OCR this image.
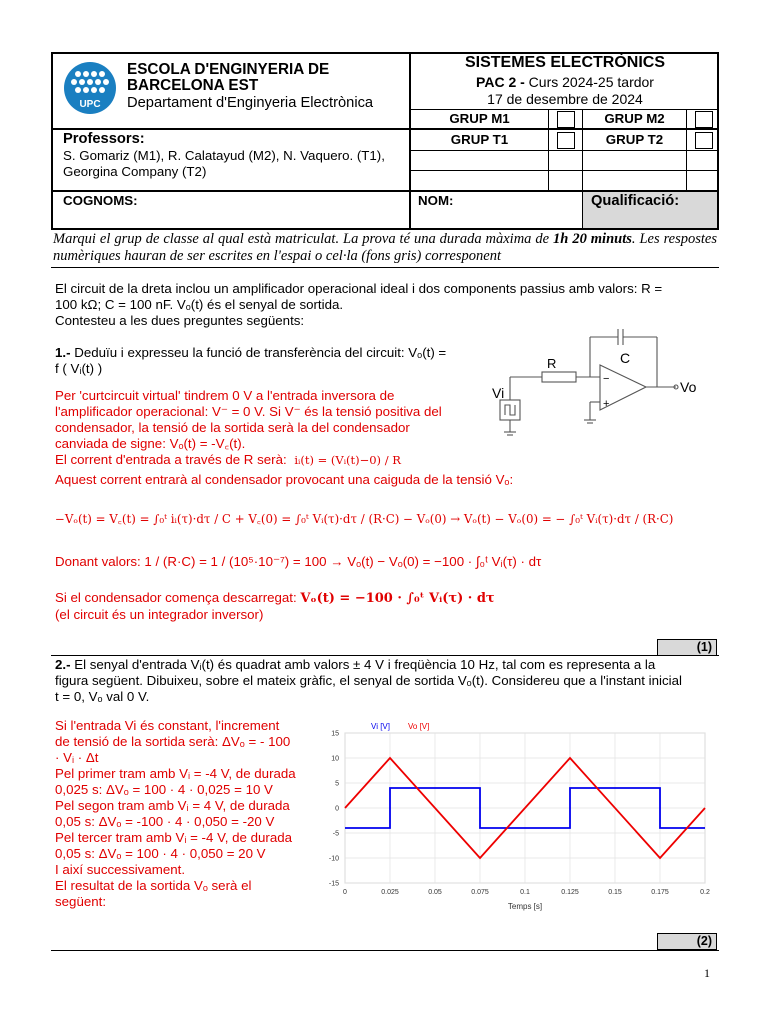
UPC
ESCOLA D'ENGINYERIA DE
BARCELONA EST
Departament d'Enginyeria Electrònica
SISTEMES ELECTRÒNICS
PAC 2 - Curs 2024-25 tardor
17 de desembre de 2024
GRUP M1	GRUP M2
GRUP T1	GRUP T2
Professors:
S. Gomariz (M1), R. Calatayud (M2), N. Vaquero. (T1),
Georgina Company (T2)
COGNOMS:	NOM:	Qualificació:
Marqui el grup de classe al qual està matriculat. La prova té una durada màxima de 1h 20 minuts. Les respostes numèriques hauran de ser escrites en l'espai o cel·la (fons gris) corresponent
El circuit de la dreta inclou un amplificador operacional ideal i dos components passius amb valors: R =
100 kΩ; C = 100 nF. Vₒ(t) és el senyal de sortida.
Contesteu a les dues preguntes següents:
C
R
Vi	Vo
−
+
1.- Deduïu i expresseu la funció de transferència del circuit: Vₒ(t) =
f ( Vᵢ(t) )
Per 'curtcircuit virtual' tindrem 0 V a l'entrada inversora de
l'amplificador operacional: V⁻ = 0 V. Si V⁻ és la tensió positiva del
condensador, la tensió de la sortida serà la del condensador
canviada de signe: Vₒ(t) = -V꜀(t).
El corrent d'entrada a través de R serà: iᵢ(t) = (Vᵢ(t)−0) / R
Aquest corrent entrarà al condensador provocant una caiguda de la tensió Vₒ:
−Vₒ(t) = V꜀(t) = ∫₀ᵗ iᵢ(τ)·dτ / C + V꜀(0) = ∫₀ᵗ Vᵢ(τ)·dτ / (R·C) − Vₒ(0) → Vₒ(t) − Vₒ(0) = − ∫₀ᵗ Vᵢ(τ)·dτ / (R·C)
Donant valors: 1 / (R·C) = 1 / (10⁵·10⁻⁷) = 100 → Vₒ(t) − Vₒ(0) = −100 · ∫₀ᵗ Vᵢ(τ) · dτ
Si el condensador comença descarregat: Vₒ(t) = −100 · ∫₀ᵗ Vᵢ(τ) · dτ
(el circuit és un integrador inversor)
(1)
2.- El senyal d'entrada Vᵢ(t) és quadrat amb valors ± 4 V i freqüència 10 Hz, tal com es representa a la
figura següent. Dibuixeu, sobre el mateix gràfic, el senyal de sortida Vₒ(t). Considereu que a l'instant inicial
t = 0, Vₒ val 0 V.
Si l'entrada Vi és constant, l'increment
de tensió de la sortida serà: ΔVₒ = - 100
· Vᵢ · Δt
Pel primer tram amb Vᵢ = -4 V, de durada
0,025 s: ΔVₒ = 100 · 4 · 0,025 = 10 V
Pel segon tram amb Vᵢ = 4 V, de durada
0,05 s: ΔVₒ = -100 · 4 · 0,050 = -20 V
Pel tercer tram amb Vᵢ = -4 V, de durada
0,05 s: ΔVₒ = 100 · 4 · 0,050 = 20 V
I així successivament.
El resultat de la sortida Vₒ serà el
següent:
0	0.025	0.05	0.075	0.1	0.125	0.15	0.175	0.2
15
10
5
0
-5
-10
-15
Vi [V] Vo [V]
Temps [s]
(2)
1
